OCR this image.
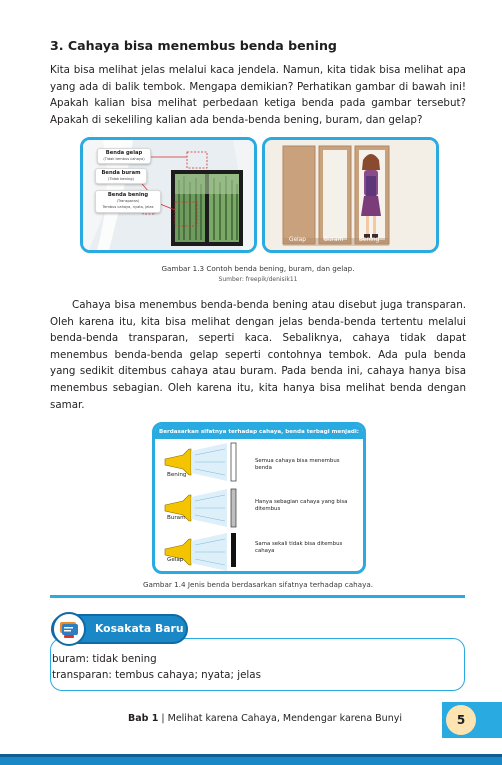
3. Cahaya bisa menembus benda bening

Kita bisa melihat jelas melalui kaca jendela. Namun, kita tidak bisa melihat apa yang ada di balik tembok. Mengapa demikian? Perhatikan gambar di bawah ini! Apakah kalian bisa melihat perbedaan ketiga benda pada gambar tersebut? Apakah di sekeliling kalian ada benda-benda bening, buram, dan gelap?

Benda gelap
(Tidak tembus cahaya)
Benda buram
(Tidak bening)
Benda bening
(Transparan)
Tembus cahaya, nyata, jelas
Gelap	Buram	Bening
Gambar 1.3 Contoh benda bening, buram, dan gelap.
Sumber: freepik/denisik11

Cahaya bisa menembus benda-benda bening atau disebut juga transparan. Oleh karena itu, kita bisa melihat dengan jelas benda-benda tertentu melalui benda-benda transparan, seperti kaca. Sebaliknya, cahaya tidak dapat menembus benda-benda gelap seperti contohnya tembok. Ada pula benda yang sedikit ditembus cahaya atau buram. Pada benda ini, cahaya hanya bisa menembus sebagian. Oleh karena itu, kita hanya bisa melihat benda dengan samar.

Berdasarkan sifatnya terhadap cahaya, benda terbagi menjadi:
Bening
Buram
Gelap
Semua cahaya bisa menembus benda
Hanya sebagian cahaya yang bisa ditembus
Sama sekali tidak bisa ditembus cahaya
Gambar 1.4 Jenis benda berdasarkan sifatnya terhadap cahaya.
Kosakata Baru
buram: tidak bening
transparan: tembus cahaya; nyata; jelas
Bab 1 | Melihat karena Cahaya, Mendengar karena Bunyi	5
